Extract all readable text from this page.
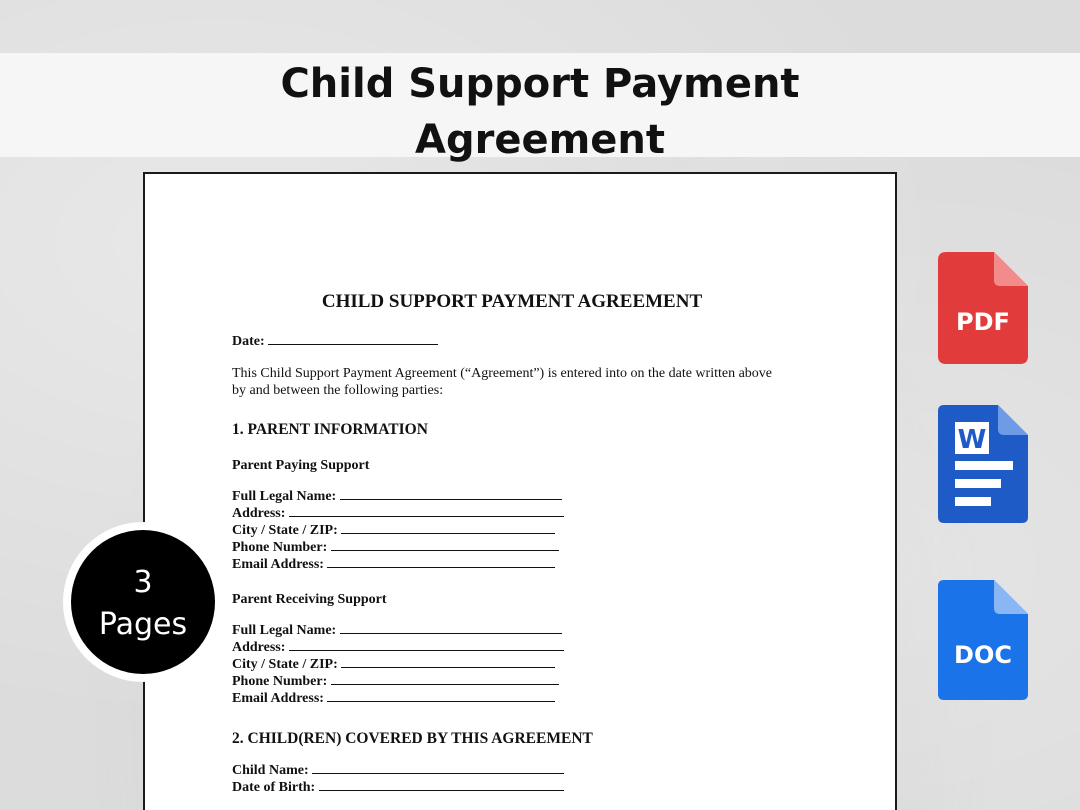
Child Support Payment
Agreement
CHILD SUPPORT PAYMENT AGREEMENT
Date:
This Child Support Payment Agreement (“Agreement”) is entered into on the date written above
by and between the following parties:
1. PARENT INFORMATION
Parent Paying Support
Full Legal Name:
Address:
City / State / ZIP:
Phone Number:
Email Address:
Parent Receiving Support
Full Legal Name:
Address:
City / State / ZIP:
Phone Number:
Email Address:
2. CHILD(REN) COVERED BY THIS AGREEMENT
Child Name:
Date of Birth:
3
Pages
PDF
W
DOC
